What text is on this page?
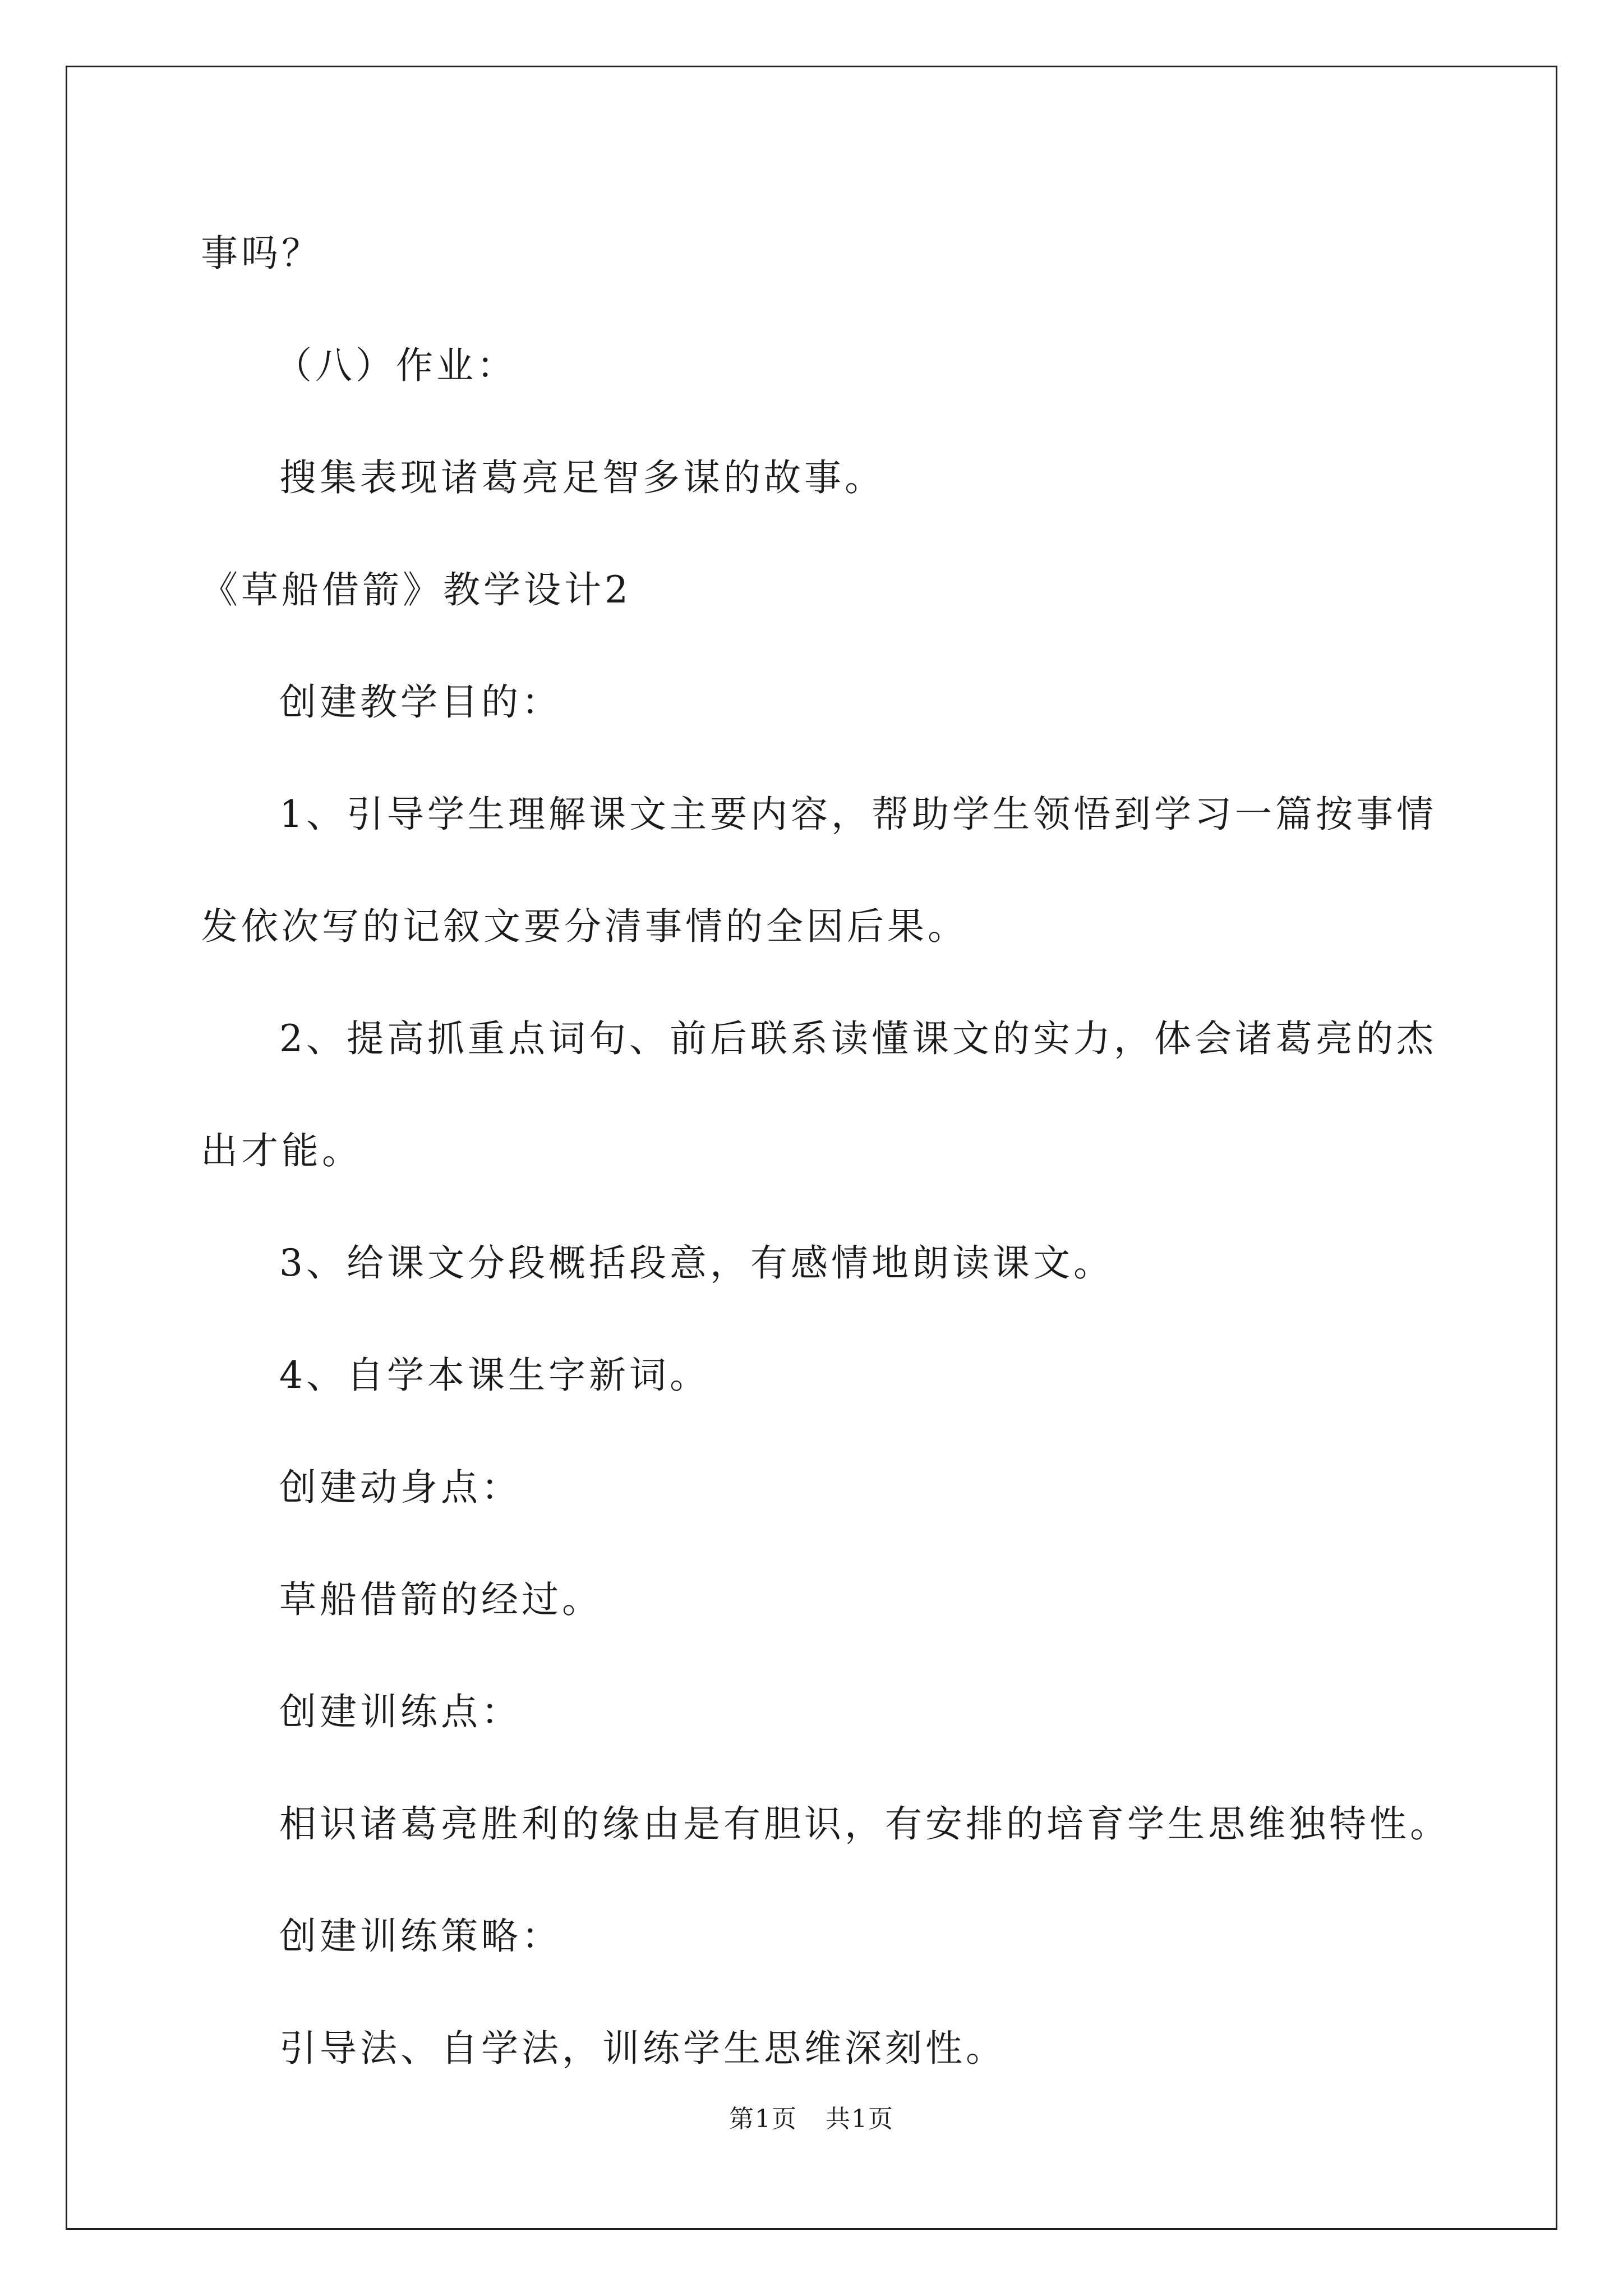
事吗？
（八）作业：
搜集表现诸葛亮足智多谋的故事。
《草船借箭》教学设计2
创建教学目的：
1、引导学生理解课文主要内容，帮助学生领悟到学习一篇按事情
发依次写的记叙文要分清事情的全因后果。
2、提高抓重点词句、前后联系读懂课文的实力，体会诸葛亮的杰
出才能。
3、给课文分段概括段意，有感情地朗读课文。
4、自学本课生字新词。
创建动身点：
草船借箭的经过。
创建训练点：
相识诸葛亮胜利的缘由是有胆识，有安排的培育学生思维独特性。
创建训练策略：
引导法、自学法，训练学生思维深刻性。
第1页 共1页
